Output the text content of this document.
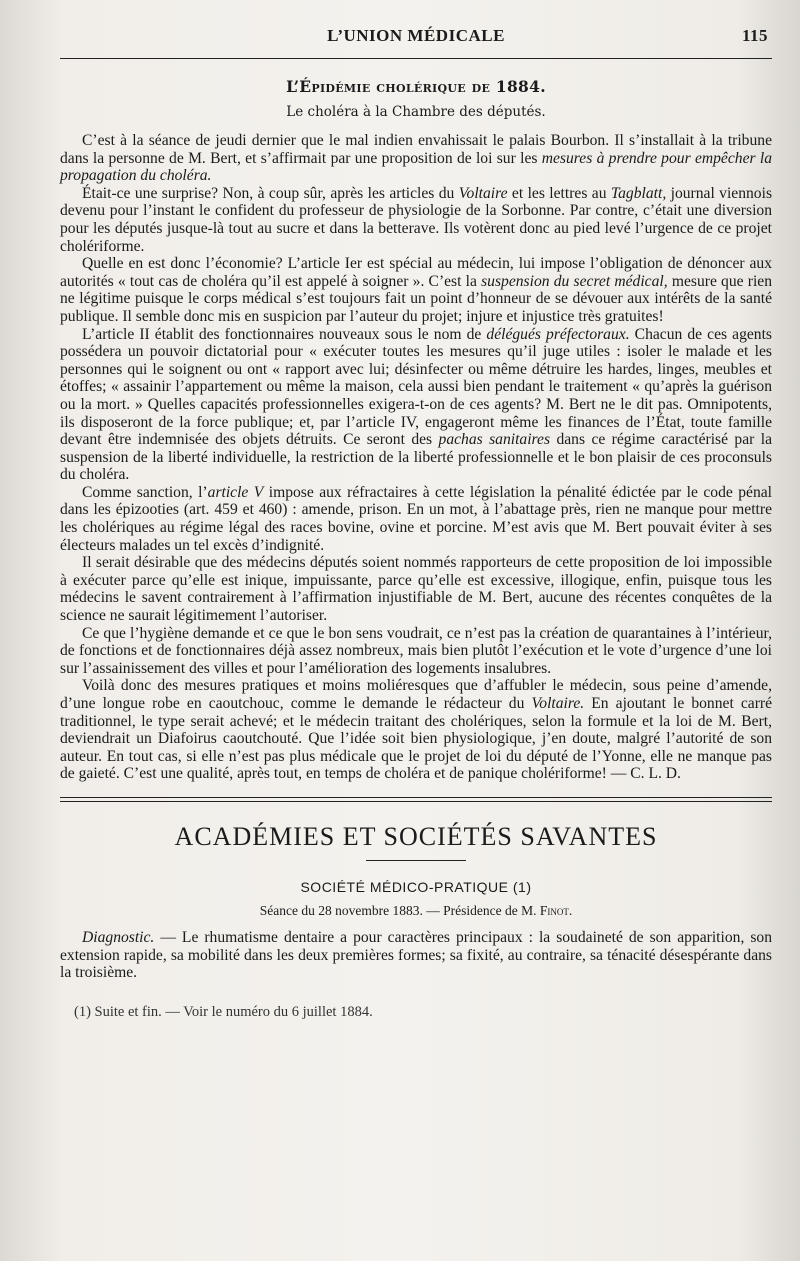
L’UNION MÉDICALE	115
L’Épidémie cholérique de 1884.
Le choléra à la Chambre des députés.

C’est à la séance de jeudi dernier que le mal indien envahissait le palais Bourbon. Il s’installait à la tribune dans la personne de M. Bert, et s’affirmait par une proposition de loi sur les mesures à prendre pour empêcher la propagation du choléra.

Était-ce une surprise? Non, à coup sûr, après les articles du Voltaire et les lettres au Tagblatt, journal viennois devenu pour l’instant le confident du professeur de physiologie de la Sorbonne. Par contre, c’était une diversion pour les députés jusque-là tout au sucre et dans la betterave. Ils votèrent donc au pied levé l’urgence de ce projet cholériforme.

Quelle en est donc l’économie? L’article Ier est spécial au médecin, lui impose l’obligation de dénoncer aux autorités « tout cas de choléra qu’il est appelé à soigner ». C’est la suspension du secret médical, mesure que rien ne légitime puisque le corps médical s’est toujours fait un point d’honneur de se dévouer aux intérêts de la santé publique. Il semble donc mis en suspicion par l’auteur du projet; injure et injustice très gratuites!

L’article II établit des fonctionnaires nouveaux sous le nom de délégués préfectoraux. Chacun de ces agents possédera un pouvoir dictatorial pour « exécuter toutes les mesures qu’il juge utiles : isoler le malade et les personnes qui le soignent ou ont « rapport avec lui; désinfecter ou même détruire les hardes, linges, meubles et étoffes; « assainir l’appartement ou même la maison, cela aussi bien pendant le traitement « qu’après la guérison ou la mort. » Quelles capacités professionnelles exigera-t-on de ces agents? M. Bert ne le dit pas. Omnipotents, ils disposeront de la force publique; et, par l’article IV, engageront même les finances de l’État, toute famille devant être indemnisée des objets détruits. Ce seront des pachas sanitaires dans ce régime caractérisé par la suspension de la liberté individuelle, la restriction de la liberté professionnelle et le bon plaisir de ces proconsuls du choléra.

Comme sanction, l’article V impose aux réfractaires à cette législation la pénalité édictée par le code pénal dans les épizooties (art. 459 et 460) : amende, prison. En un mot, à l’abattage près, rien ne manque pour mettre les cholériques au régime légal des races bovine, ovine et porcine. M’est avis que M. Bert pouvait éviter à ses électeurs malades un tel excès d’indignité.

Il serait désirable que des médecins députés soient nommés rapporteurs de cette proposition de loi impossible à exécuter parce qu’elle est inique, impuissante, parce qu’elle est excessive, illogique, enfin, puisque tous les médecins le savent contrairement à l’affirmation injustifiable de M. Bert, aucune des récentes conquêtes de la science ne saurait légitimement l’autoriser.

Ce que l’hygiène demande et ce que le bon sens voudrait, ce n’est pas la création de quarantaines à l’intérieur, de fonctions et de fonctionnaires déjà assez nombreux, mais bien plutôt l’exécution et le vote d’urgence d’une loi sur l’assainissement des villes et pour l’amélioration des logements insalubres.

Voilà donc des mesures pratiques et moins moliéresques que d’affubler le médecin, sous peine d’amende, d’une longue robe en caoutchouc, comme le demande le rédacteur du Voltaire. En ajoutant le bonnet carré traditionnel, le type serait achevé; et le médecin traitant des cholériques, selon la formule et la loi de M. Bert, deviendrait un Diafoirus caoutchouté. Que l’idée soit bien physiologique, j’en doute, malgré l’autorité de son auteur. En tout cas, si elle n’est pas plus médicale que le projet de loi du député de l’Yonne, elle ne manque pas de gaieté. C’est une qualité, après tout, en temps de choléra et de panique cholériforme! — C. L. D.

ACADÉMIES ET SOCIÉTÉS SAVANTES
SOCIÉTÉ MÉDICO-PRATIQUE (1)
Séance du 28 novembre 1883. — Présidence de M. Finot.

Diagnostic. — Le rhumatisme dentaire a pour caractères principaux : la soudaineté de son apparition, son extension rapide, sa mobilité dans les deux premières formes; sa fixité, au contraire, sa ténacité désespérante dans la troisième.

(1) Suite et fin. — Voir le numéro du 6 juillet 1884.
